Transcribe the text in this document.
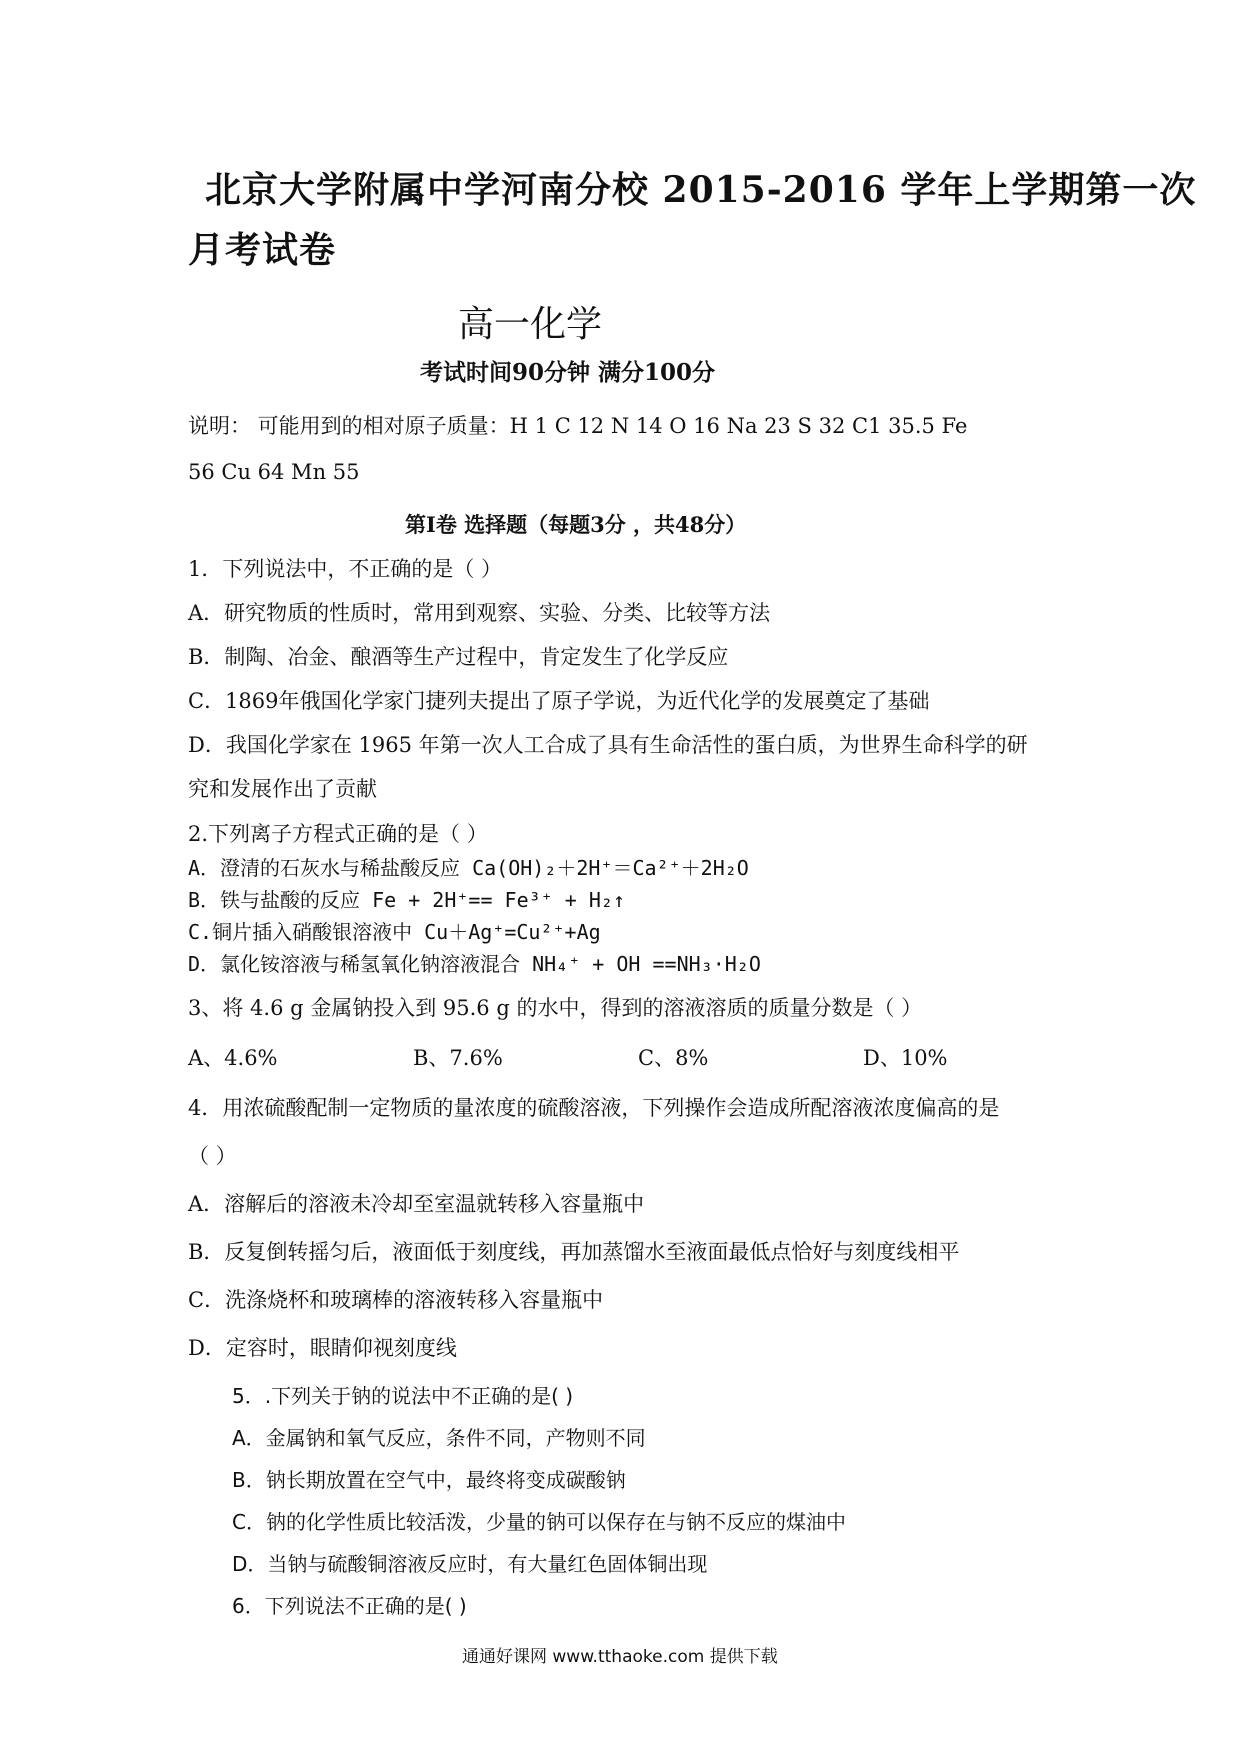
北京大学附属中学河南分校 2015-2016 学年上学期第一次
月考试卷
高一化学
考试时间90分钟 满分100分
说明： 可能用到的相对原子质量：H 1 C 12 N 14 O 16 Na 23 S 32 C1 35.5 Fe
56 Cu 64 Mn 55
第Ⅰ卷 选择题（每题3分 ，共48分）
1．下列说法中，不正确的是（ ）
A．研究物质的性质时，常用到观察、实验、分类、比较等方法
B．制陶、冶金、酿酒等生产过程中，肯定发生了化学反应
C．1869年俄国化学家门捷列夫提出了原子学说，为近代化学的发展奠定了基础
D．我国化学家在 1965 年第一次人工合成了具有生命活性的蛋白质，为世界生命科学的研
究和发展作出了贡献
2.下列离子方程式正确的是（ ）
A．澄清的石灰水与稀盐酸反应 Ca(OH)₂＋2H⁺＝Ca²⁺＋2H₂O
B．铁与盐酸的反应 Fe + 2H⁺== Fe³⁺ + H₂↑
C.铜片插入硝酸银溶液中 Cu＋Ag⁺=Cu²⁺+Ag
D．氯化铵溶液与稀氢氧化钠溶液混合 NH₄⁺ + OH ==NH₃·H₂O
3、将 4.6 g 金属钠投入到 95.6 g 的水中，得到的溶液溶质的质量分数是（ ）
A、4.6%	B、7.6%	C、8%	D、10%
4．用浓硫酸配制一定物质的量浓度的硫酸溶液，下列操作会造成所配溶液浓度偏高的是
（ ）
A．溶解后的溶液未冷却至室温就转移入容量瓶中
B．反复倒转摇匀后，液面低于刻度线，再加蒸馏水至液面最低点恰好与刻度线相平
C．洗涤烧杯和玻璃棒的溶液转移入容量瓶中
D．定容时，眼睛仰视刻度线
5．.下列关于钠的说法中不正确的是( )
A．金属钠和氧气反应，条件不同，产物则不同
B．钠长期放置在空气中，最终将变成碳酸钠
C．钠的化学性质比较活泼，少量的钠可以保存在与钠不反应的煤油中
D．当钠与硫酸铜溶液反应时，有大量红色固体铜出现
6．下列说法不正确的是( )
通通好课网 www.tthaoke.com 提供下载
